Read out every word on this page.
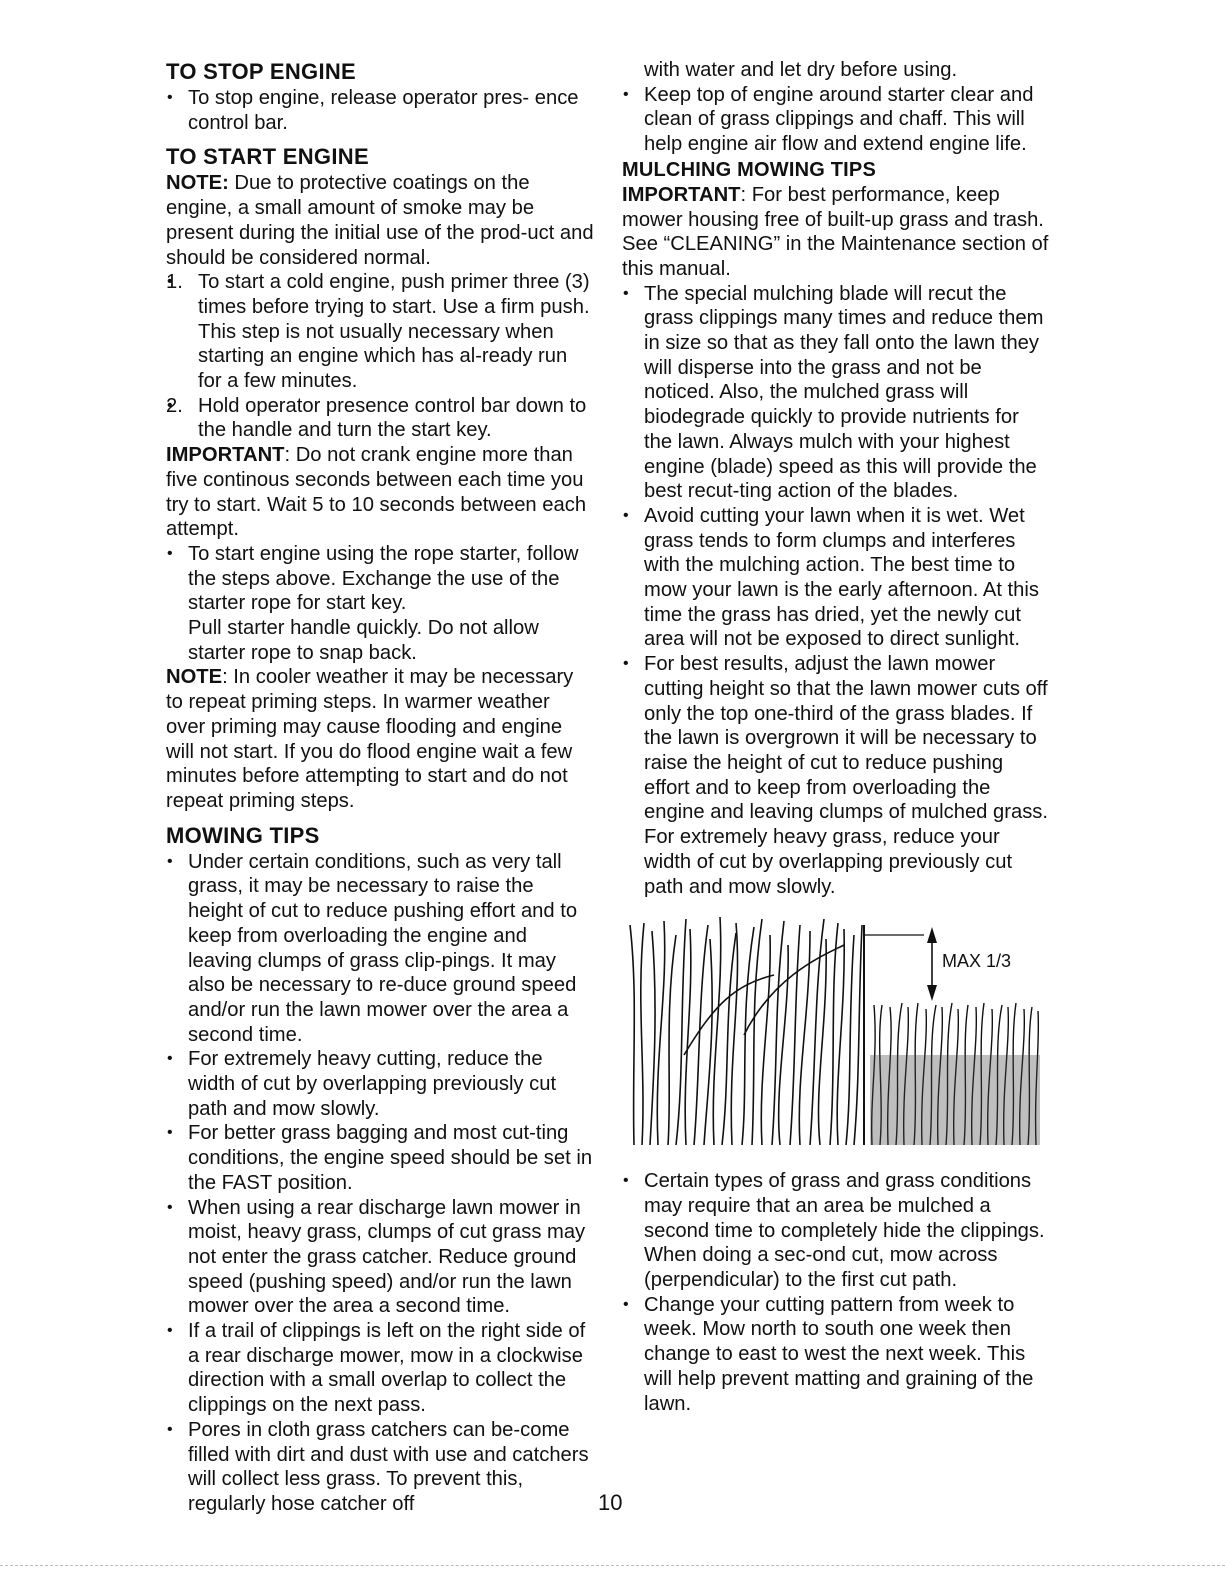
TO STOP ENGINE
• To stop engine, release operator pres- ence control bar.
TO START ENGINE

NOTE: Due to protective coatings on the engine, a small amount of smoke may be present during the initial use of the prod-uct and should be considered normal.

• 1. To start a cold engine, push primer three (3) times before trying to start. Use a firm push. This step is not usually necessary when starting an engine which has al-ready run for a few minutes.
• 2. Hold operator presence control bar down to the handle and turn the start key.

IMPORTANT: Do not crank engine more than five continous seconds between each time you try to start. Wait 5 to 10 seconds between each attempt.

• To start engine using the rope starter, follow the steps above. Exchange the use of the starter rope for start key.

Pull starter handle quickly. Do not allow starter rope to snap back.

NOTE: In cooler weather it may be necessary to repeat priming steps. In warmer weather over priming may cause flooding and engine will not start. If you do flood engine wait a few minutes before attempting to start and do not repeat priming steps.

MOWING TIPS
• Under certain conditions, such as very tall grass, it may be necessary to raise the height of cut to reduce pushing effort and to keep from overloading the engine and leaving clumps of grass clip-pings. It may also be necessary to re-duce ground speed and/or run the lawn mower over the area a second time.
• For extremely heavy cutting, reduce the width of cut by overlapping previously cut path and mow slowly.
• For better grass bagging and most cut-ting conditions, the engine speed should be set in the FAST position.
• When using a rear discharge lawn mower in moist, heavy grass, clumps of cut grass may not enter the grass catcher. Reduce ground speed (pushing speed) and/or run the lawn mower over the area a second time.
• If a trail of clippings is left on the right side of a rear discharge mower, mow in a clockwise direction with a small overlap to collect the clippings on the next pass.
• Pores in cloth grass catchers can be-come filled with dirt and dust with use and catchers will collect less grass. To prevent this, regularly hose catcher off

with water and let dry before using.

• Keep top of engine around starter clear and clean of grass clippings and chaff. This will help engine air flow and extend engine life.
MULCHING MOWING TIPS

IMPORTANT: For best performance, keep mower housing free of built-up grass and trash. See “CLEANING” in the Maintenance section of this manual.

• The special mulching blade will recut the grass clippings many times and reduce them in size so that as they fall onto the lawn they will disperse into the grass and not be noticed. Also, the mulched grass will biodegrade quickly to provide nutrients for the lawn. Always mulch with your highest engine (blade) speed as this will provide the best recut-ting action of the blades.
• Avoid cutting your lawn when it is wet. Wet grass tends to form clumps and interferes with the mulching action. The best time to mow your lawn is the early afternoon. At this time the grass has dried, yet the newly cut area will not be exposed to direct sunlight.
• For best results, adjust the lawn mower cutting height so that the lawn mower cuts off only the top one-third of the grass blades. If the lawn is overgrown it will be necessary to raise the height of cut to reduce pushing effort and to keep from overloading the engine and leaving clumps of mulched grass. For extremely heavy grass, reduce your width of cut by overlapping previously cut path and mow slowly.
MAX 1/3
• Certain types of grass and grass conditions may require that an area be mulched a second time to completely hide the clippings. When doing a sec-ond cut, mow across (perpendicular) to the first cut path.
• Change your cutting pattern from week to week. Mow north to south one week then change to east to west the next week. This will help prevent matting and graining of the lawn.
10
